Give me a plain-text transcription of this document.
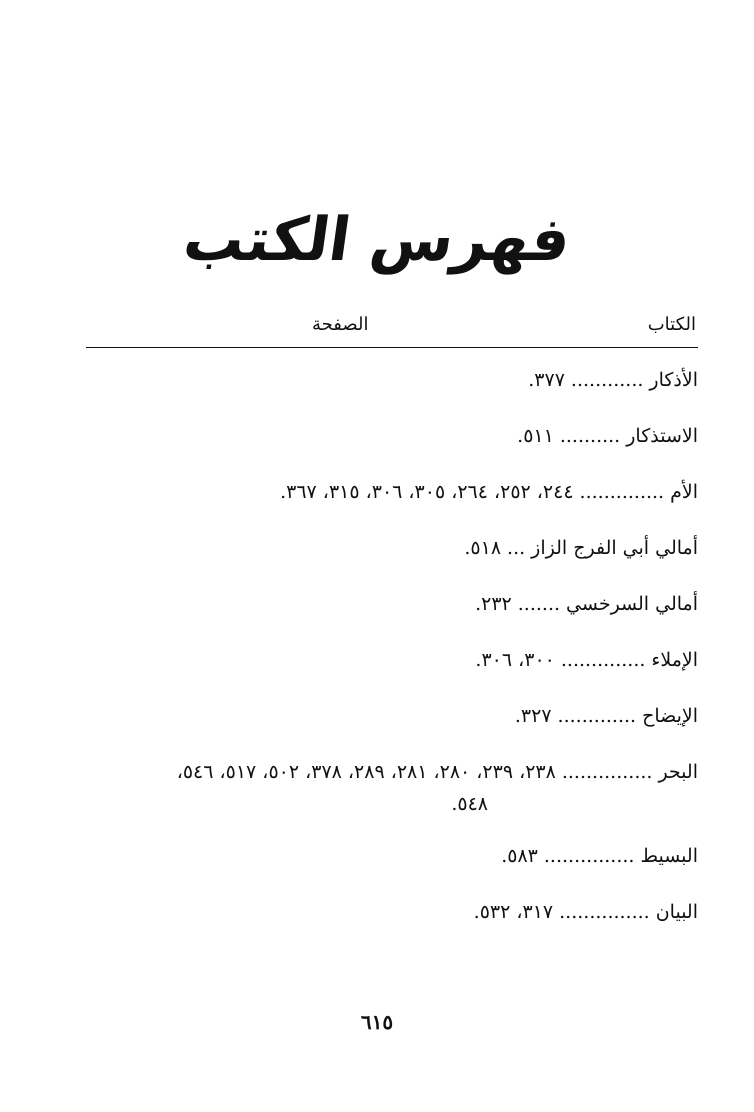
فهرس الكتب
الكتاب
الصفحة
الأذكار............٣٧٧.
الاستذكار..........٥١١.
الأم..............٢٤٤، ٢٥٢، ٢٦٤، ٣٠٥، ٣٠٦، ٣١٥، ٣٦٧.
أمالي أبي الفرج الزاز...٥١٨.
أمالي السرخسي.......٢٣٢.
الإملاء..............٣٠٠، ٣٠٦.
الإيضاح.............٣٢٧.
البحر...............٢٣٨، ٢٣٩، ٢٨٠، ٢٨١، ٢٨٩، ٣٧٨، ٥٠٢، ٥١٧، ٥٤٦،
٥٤٨.
البسيط...............٥٨٣.
البيان...............٣١٧، ٥٣٢.
٦١٥
